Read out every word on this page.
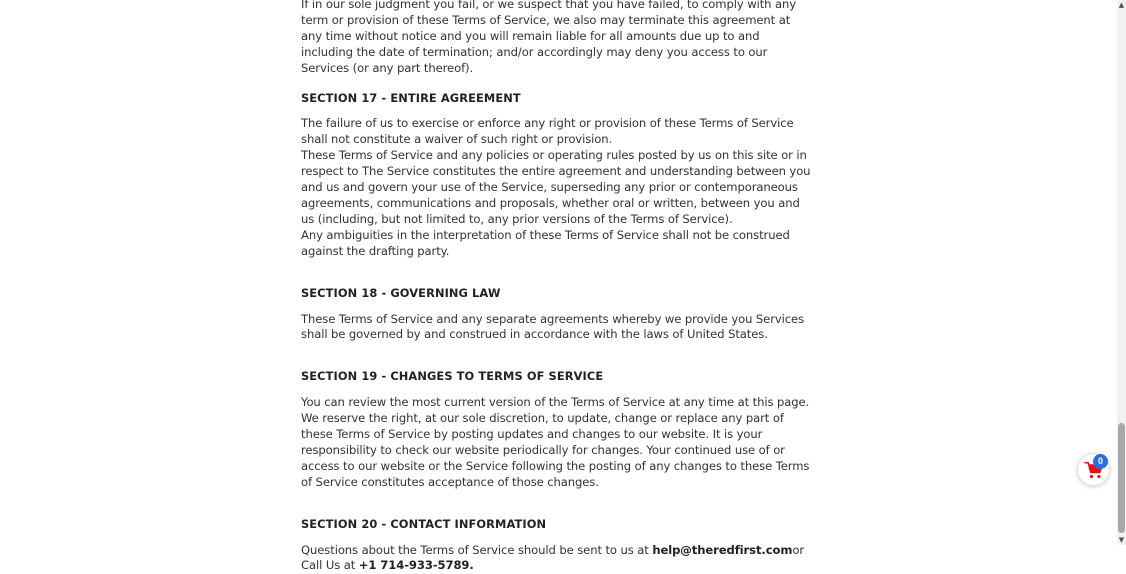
If in our sole judgment you fail, or we suspect that you have failed, to comply with any term or provision of these Terms of Service, we also may terminate this agreement at any time without notice and you will remain liable for all amounts due up to and including the date of termination; and/or accordingly may deny you access to our Services (or any part thereof).

SECTION 17 - ENTIRE AGREEMENT

The failure of us to exercise or enforce any right or provision of these Terms of Service shall not constitute a waiver of such right or provision.

These Terms of Service and any policies or operating rules posted by us on this site or in respect to The Service constitutes the entire agreement and understanding between you and us and govern your use of the Service, superseding any prior or contemporaneous agreements, communications and proposals, whether oral or written, between you and us (including, but not limited to, any prior versions of the Terms of Service).

Any ambiguities in the interpretation of these Terms of Service shall not be construed against the drafting party.

SECTION 18 - GOVERNING LAW

These Terms of Service and any separate agreements whereby we provide you Services shall be governed by and construed in accordance with the laws of United States.

SECTION 19 - CHANGES TO TERMS OF SERVICE

You can review the most current version of the Terms of Service at any time at this page.

We reserve the right, at our sole discretion, to update, change or replace any part of these Terms of Service by posting updates and changes to our website. It is your responsibility to check our website periodically for changes. Your continued use of or access to our website or the Service following the posting of any changes to these Terms of Service constitutes acceptance of those changes.

SECTION 20 - CONTACT INFORMATION

Questions about the Terms of Service should be sent to us at help@theredfirst.comor Call Us at +1 714-933-5789.

▲
▼
0
